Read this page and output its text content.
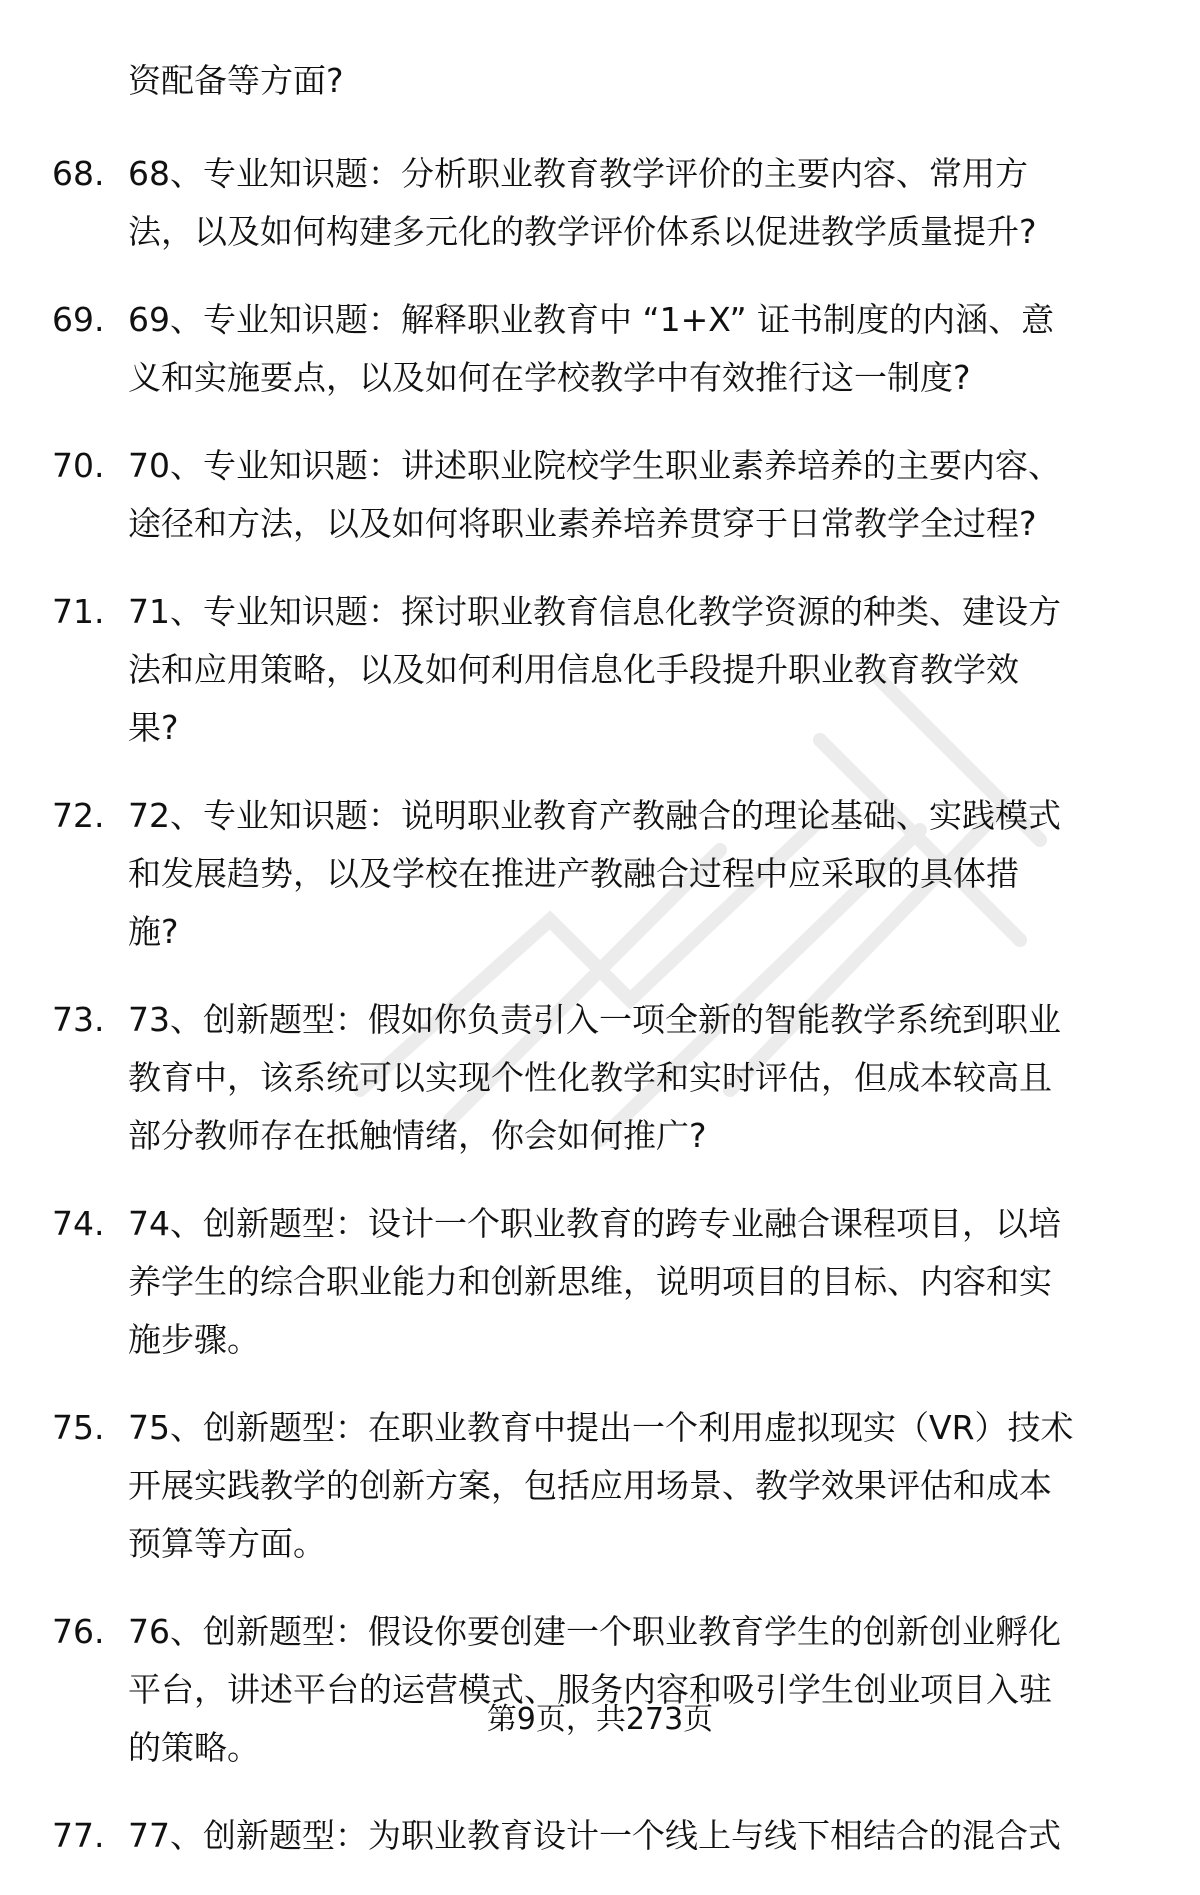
资配备等方面?

68. 68、专业知识题：分析职业教育教学评价的主要内容、常用方
法，以及如何构建多元化的教学评价体系以促进教学质量提升?
69. 69、专业知识题：解释职业教育中 “1+X” 证书制度的内涵、意
义和实施要点，以及如何在学校教学中有效推行这一制度?
70. 70、专业知识题：讲述职业院校学生职业素养培养的主要内容、
途径和方法，以及如何将职业素养培养贯穿于日常教学全过程?
71. 71、专业知识题：探讨职业教育信息化教学资源的种类、建设方
法和应用策略，以及如何利用信息化手段提升职业教育教学效
果?
72. 72、专业知识题：说明职业教育产教融合的理论基础、实践模式
和发展趋势，以及学校在推进产教融合过程中应采取的具体措
施?
73. 73、创新题型：假如你负责引入一项全新的智能教学系统到职业
教育中，该系统可以实现个性化教学和实时评估，但成本较高且
部分教师存在抵触情绪，你会如何推广?
74. 74、创新题型：设计一个职业教育的跨专业融合课程项目，以培
养学生的综合职业能力和创新思维，说明项目的目标、内容和实
施步骤。
75. 75、创新题型：在职业教育中提出一个利用虚拟现实（VR）技术
开展实践教学的创新方案，包括应用场景、教学效果评估和成本
预算等方面。
76. 76、创新题型：假设你要创建一个职业教育学生的创新创业孵化
平台，讲述平台的运营模式、服务内容和吸引学生创业项目入驻
的策略。
77. 77、创新题型：为职业教育设计一个线上与线下相结合的混合式
第9页，共273页
